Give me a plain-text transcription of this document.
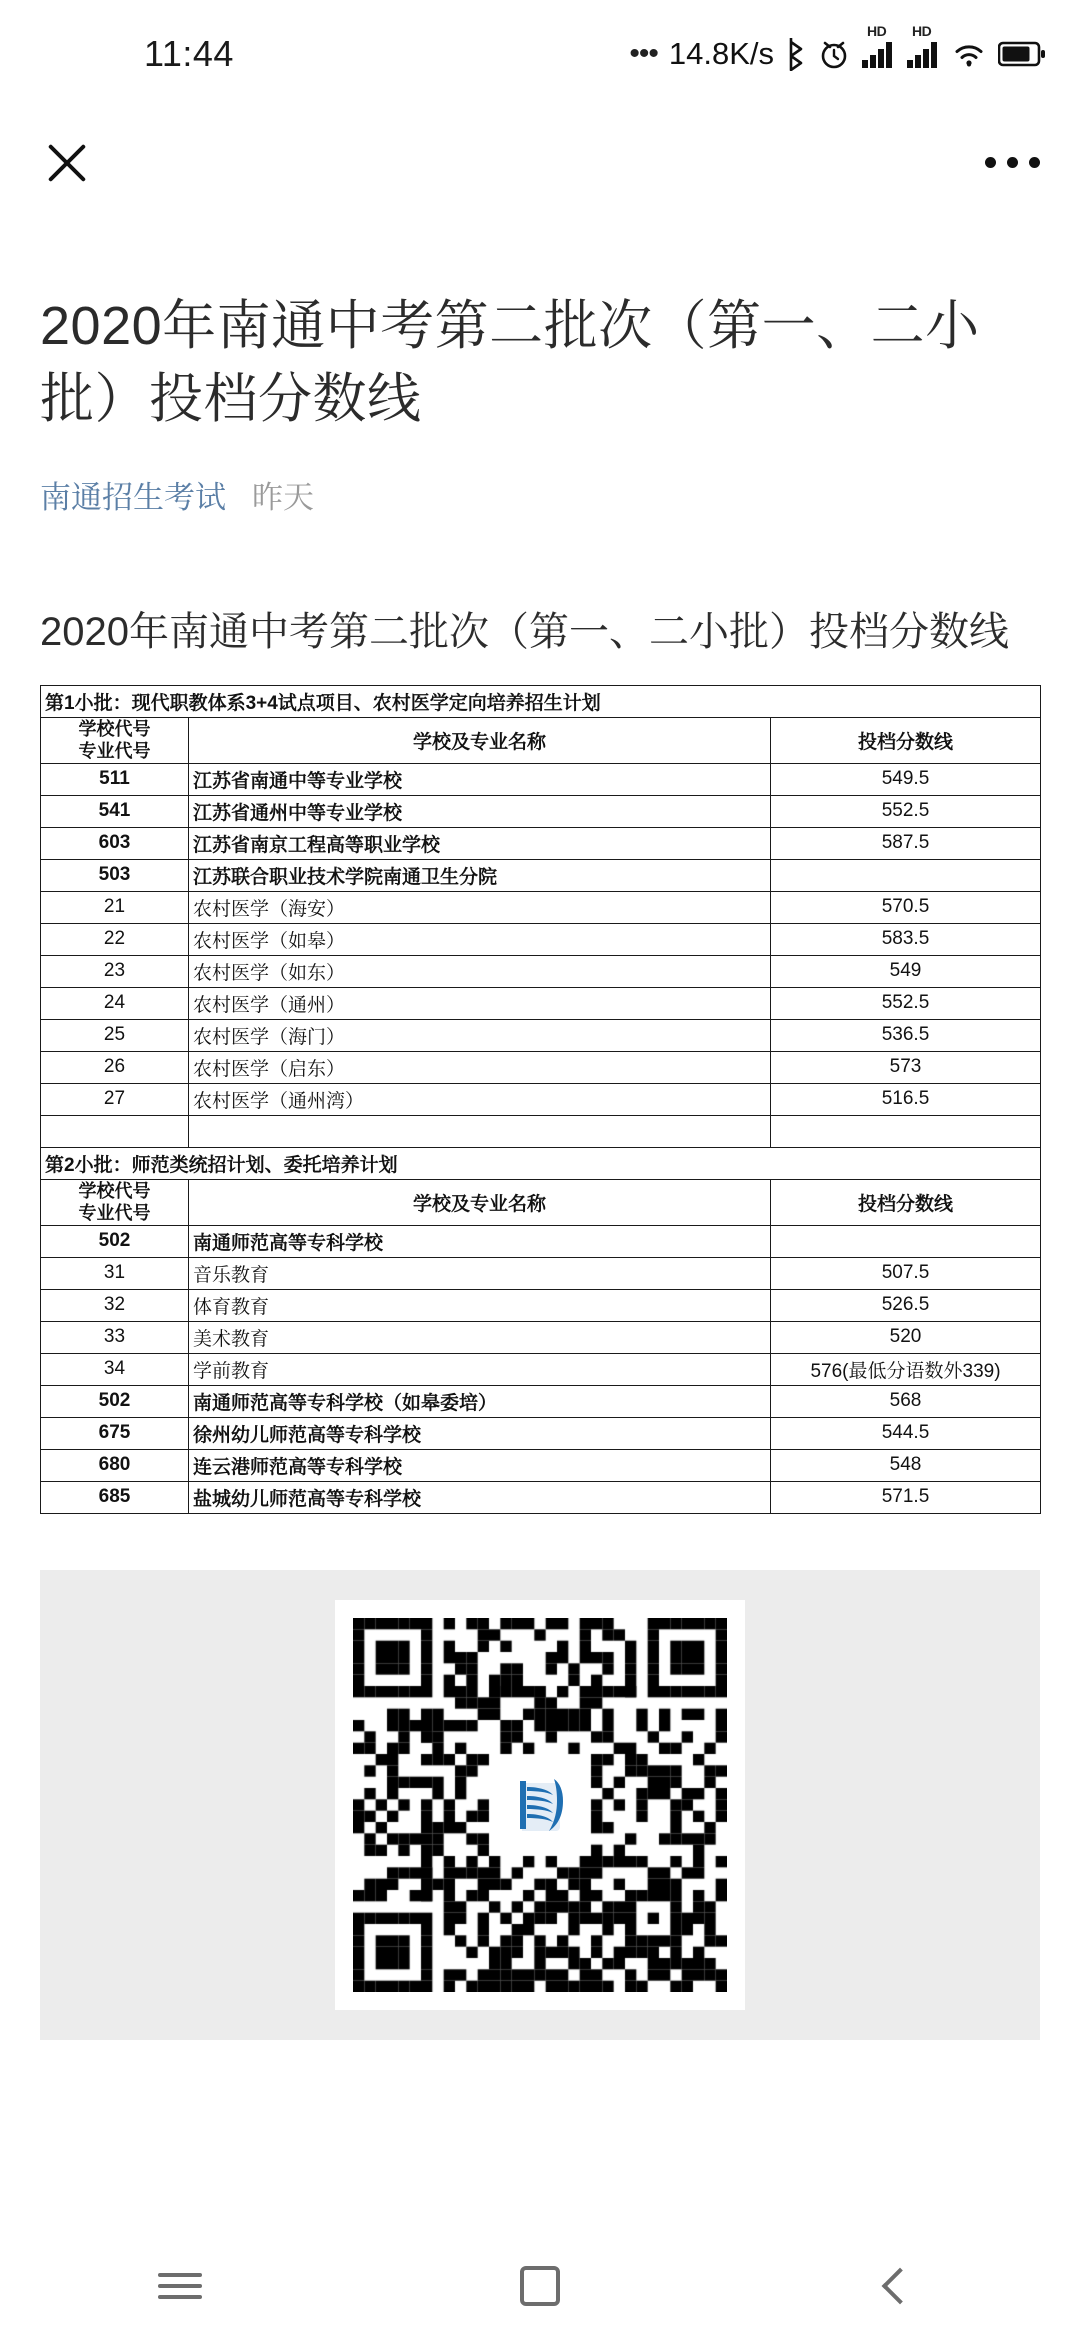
11:44	••• 14.8K/s
HD HD
2020年南通中考第二批次（第一、二小批）投档分数线
南通招生考试 昨天
2020年南通中考第二批次（第一、二小批）投档分数线
第1小批：现代职教体系3+4试点项目、农村医学定向培养招生计划		

学校代号
专业代号	学校及专业名称	投档分数线
511	江苏省南通中等专业学校	549.5
541	江苏省通州中等专业学校	552.5
603	江苏省南京工程高等职业学校	587.5
503	江苏联合职业技术学院南通卫生分院	
21	农村医学（海安）	570.5
22	农村医学（如皋）	583.5
23	农村医学（如东）	549
24	农村医学（通州）	552.5
25	农村医学（海门）	536.5
26	农村医学（启东）	573
27	农村医学（通州湾）	516.5

第2小批：师范类统招计划、委托培养计划		

学校代号
专业代号	学校及专业名称	投档分数线
502	南通师范高等专科学校	
31	音乐教育	507.5
32	体育教育	526.5
33	美术教育	520
34	学前教育	576(最低分语数外339)
502	南通师范高等专科学校（如皋委培）	568
675	徐州幼儿师范高等专科学校	544.5
680	连云港师范高等专科学校	548
685	盐城幼儿师范高等专科学校	571.5
